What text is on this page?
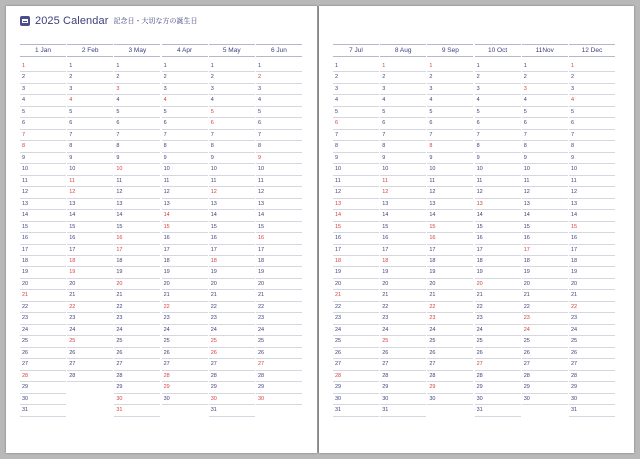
2025 Calendar 記念日・大切な方の誕生日
1 Jan
1
2
3
4
5
6
7
8
9
10
11
12
13
14
15
16
17
18
19
20
21
22
23
24
25
26
27
28
29
30
31
2 Feb
1
2
3
4
5
6
7
8
9
10
11
12
13
14
15
16
17
18
19
20
21
22
23
24
25
26
27
28
3 May
1
2
3
4
5
6
7
8
9
10
11
12
13
14
15
16
17
18
19
20
21
22
23
24
25
26
27
28
29
30
31
4 Apr
1
2
3
4
5
6
7
8
9
10
11
12
13
14
15
16
17
18
19
20
21
22
23
24
25
26
27
28
29
30
5 May
1
2
3
4
5
6
7
8
9
10
11
12
13
14
15
16
17
18
19
20
21
22
23
24
25
26
27
28
29
30
31
6 Jun
1
2
3
4
5
6
7
8
9
10
11
12
13
14
15
16
17
18
19
20
21
22
23
24
25
26
27
28
29
30
7 Jul
1
2
3
4
5
6
7
8
9
10
11
12
13
14
15
16
17
18
19
20
21
22
23
24
25
26
27
28
29
30
31
8 Aug
1
2
3
4
5
6
7
8
9
10
11
12
13
14
15
16
17
18
19
20
21
22
23
24
25
26
27
28
29
30
31
9 Sep
1
2
3
4
5
6
7
8
9
10
11
12
13
14
15
16
17
18
19
20
21
22
23
24
25
26
27
28
29
30
10 Oct
1
2
3
4
5
6
7
8
9
10
11
12
13
14
15
16
17
18
19
20
21
22
23
24
25
26
27
28
29
30
31
11Nov
1
2
3
4
5
6
7
8
9
10
11
12
13
14
15
16
17
18
19
20
21
22
23
24
25
26
27
28
29
30
12 Dec
1
2
3
4
5
6
7
8
9
10
11
12
13
14
15
16
17
18
19
20
21
22
23
24
25
26
27
28
29
30
31
